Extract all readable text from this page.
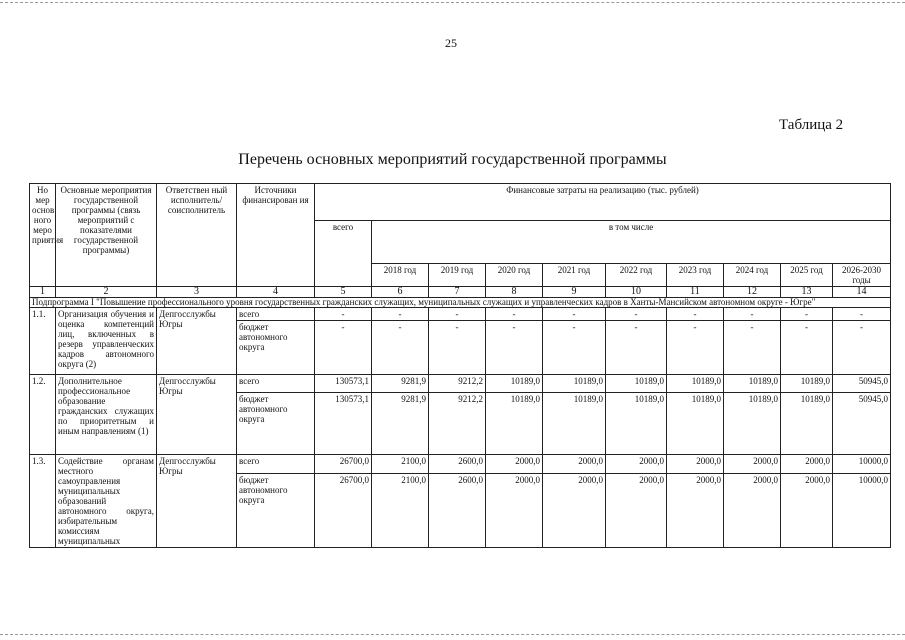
25
Таблица 2
Перечень основных мероприятий государственной программы
Но мер основ ного меро приятия	Основные мероприятия государственной программы (связь мероприятий с показателями государственной программы)	Ответствен ный исполнитель/соисполнитель	Источники финансирован ия	Финансовые затраты на реализацию (тыс. рублей)									
				всего	в том числе								
					2018 год	2019 год	2020 год	2021 год	2022 год	2023 год	2024 год	2025 год	2026-2030 годы
1	2	3	4	5	6	7	8	9	10	11	12	13	14
Подпрограмма I "Повышение профессионального уровня государственных гражданских служащих, муниципальных служащих и управленческих кадров в Ханты-Мансийском автономном округе - Югре"													
1.1.	Организация обучения и оценка компетенций лиц, включенных в резерв управленческих кадров автономного округа (2)	Депгосслужбы Югры	всего	-	-	-	-	-	-	-	-	-	-
			бюджет автономного округа	-	-	-	-	-	-	-	-	-	-
1.2.	Дополнительное профессиональное образование гражданских служащих по приоритетным и иным направлениям (1)	Депгосслужбы Югры	всего	130573,1	9281,9	9212,2	10189,0	10189,0	10189,0	10189,0	10189,0	10189,0	50945,0
			бюджет автономного округа	130573,1	9281,9	9212,2	10189,0	10189,0	10189,0	10189,0	10189,0	10189,0	50945,0
1.3.	Содействие органам местного самоуправления муниципальных образований автономного округа, избирательным комиссиям муниципальных	Депгосслужбы Югры	всего	26700,0	2100,0	2600,0	2000,0	2000,0	2000,0	2000,0	2000,0	2000,0	10000,0
			бюджет автономного округа	26700,0	2100,0	2600,0	2000,0	2000,0	2000,0	2000,0	2000,0	2000,0	10000,0
